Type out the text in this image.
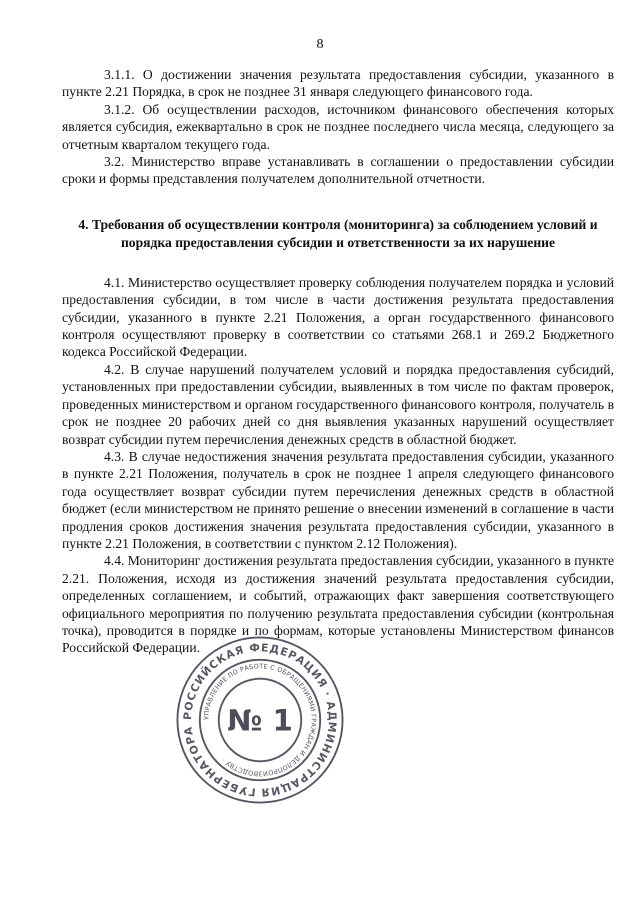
8

3.1.1. О достижении значения результата предоставления субсидии, указанного в пункте 2.21 Порядка, в срок не позднее 31 января следующего финансового года.

3.1.2. Об осуществлении расходов, источником финансового обеспечения которых является субсидия, ежеквартально в срок не позднее последнего числа месяца, следующего за отчетным кварталом текущего года.

3.2. Министерство вправе устанавливать в соглашении о предоставлении субсидии сроки и формы представления получателем дополнительной отчетности.

4. Требования об осуществлении контроля (мониторинга) за соблюдением условий и порядка предоставления субсидии и ответственности за их нарушение

4.1. Министерство осуществляет проверку соблюдения получателем порядка и условий предоставления субсидии, в том числе в части достижения результата предоставления субсидии, указанного в пункте 2.21 Положения, а орган государственного финансового контроля осуществляют проверку в соответствии со статьями 268.1 и 269.2 Бюджетного кодекса Российской Федерации.

4.2. В случае нарушений получателем условий и порядка предоставления субсидий, установленных при предоставлении субсидии, выявленных в том числе по фактам проверок, проведенных министерством и органом государственного финансового контроля, получатель в срок не позднее 20 рабочих дней со дня выявления указанных нарушений осуществляет возврат субсидии путем перечисления денежных средств в областной бюджет.

4.3. В случае недостижения значения результата предоставления субсидии, указанного в пункте 2.21 Положения, получатель в срок не позднее 1 апреля следующего финансового года осуществляет возврат субсидии путем перечисления денежных средств в областной бюджет (если министерством не принято решение о внесении изменений в соглашение в части продления сроков достижения значения результата предоставления субсидии, указанного в пункте 2.21 Положения, в соответствии с пунктом 2.12 Положения).

4.4. Мониторинг достижения результата предоставления субсидии, указанного в пункте 2.21. Положения, исходя из достижения значений результата предоставления субсидии, определенных соглашением, и событий, отражающих факт завершения соответствующего официального мероприятия по получению результата предоставления субсидии (контрольная точка), проводится в порядке и по формам, которые установлены Министерством финансов Российской Федерации.

РОССИЙСКАЯ ФЕДЕРАЦИЯ · АДМИНИСТРАЦИЯ ГУБЕРНАТОРА
УПРАВЛЕНИЕ ПО РАБОТЕ С ОБРАЩЕНИЯМИ ГРАЖДАН И ДЕЛОПРОИЗВОДСТВУ ·
№ 1
